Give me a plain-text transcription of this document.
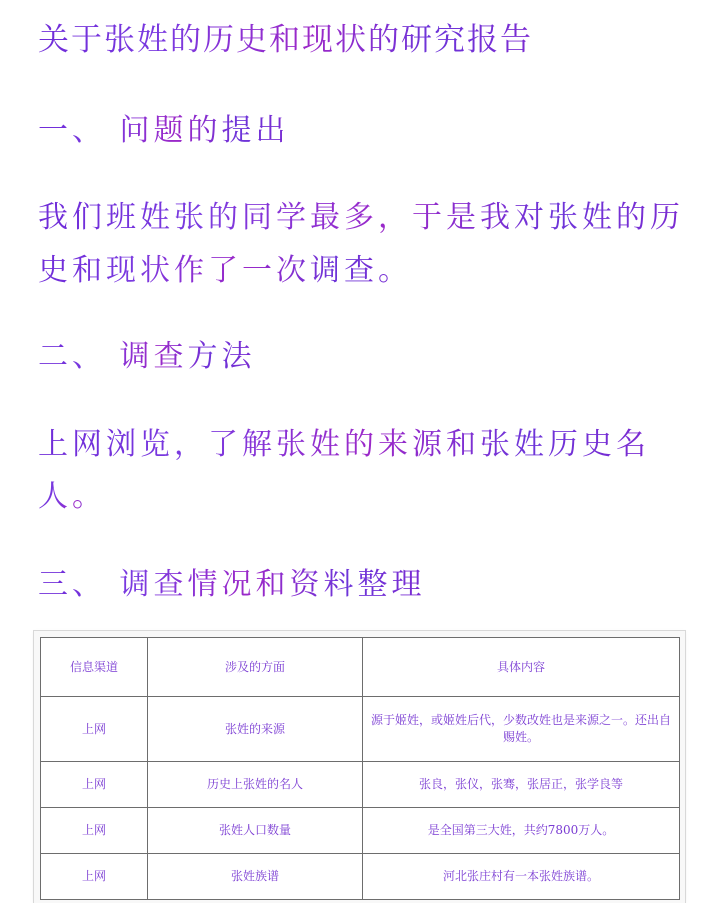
关于张姓的历史和现状的研究报告
一、 问题的提出
我们班姓张的同学最多，于是我对张姓的历
史和现状作了一次调查。
二、 调查方法
上网浏览，了解张姓的来源和张姓历史名
人。
三、 调查情况和资料整理
信息渠道	涉及的方面	具体内容
上网	张姓的来源	源于姬姓，或姬姓后代，少数改姓也是来源之一。还出自赐姓。
上网	历史上张姓的名人	张良，张仪，张骞，张居正，张学良等
上网	张姓人口数量	是全国第三大姓，共约7800万人。
上网	张姓族谱	河北张庄村有一本张姓族谱。
